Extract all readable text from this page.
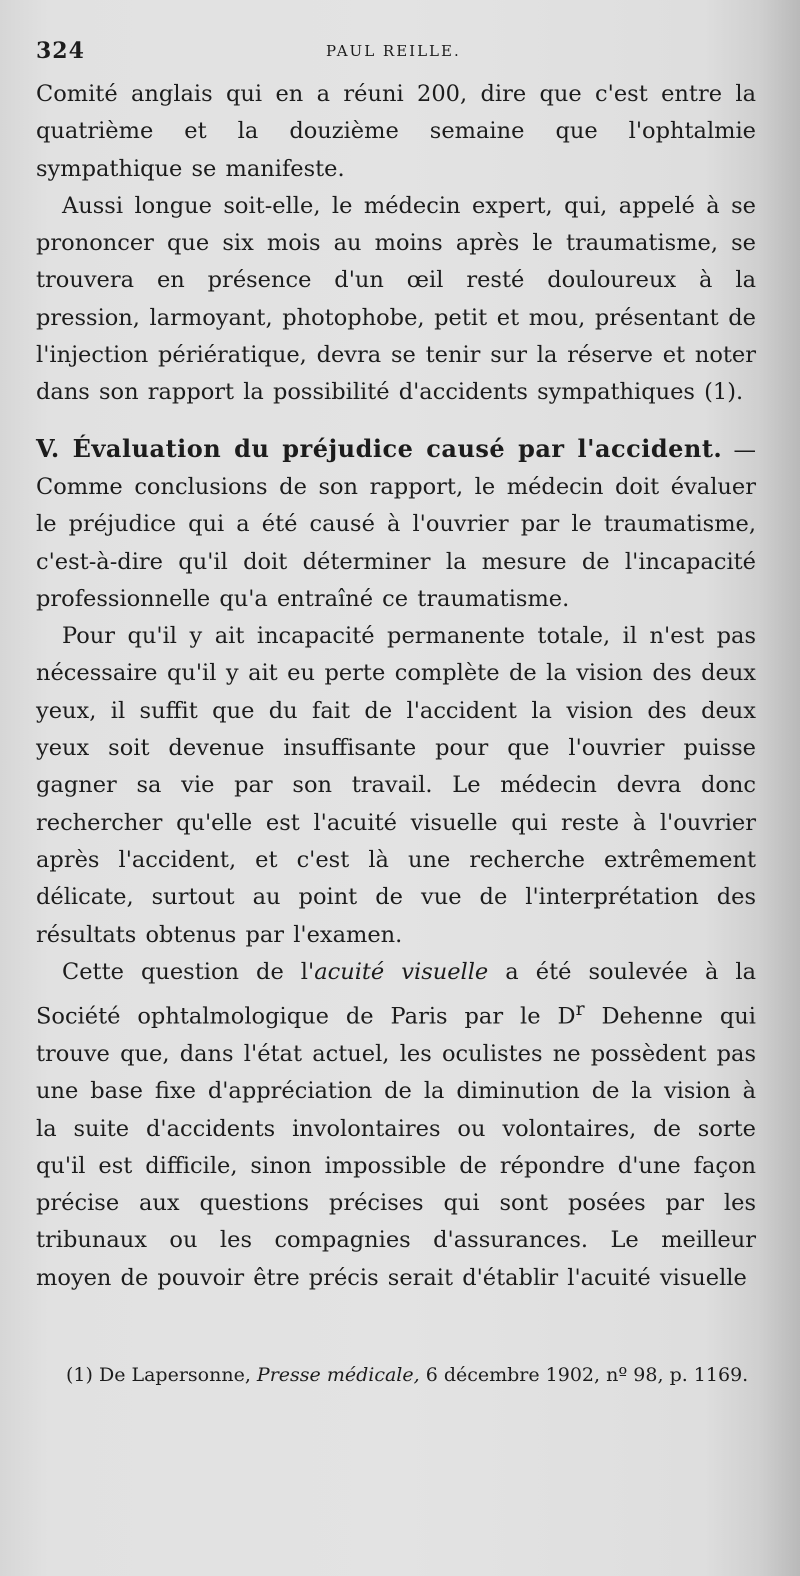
324	PAUL REILLE.

Comité anglais qui en a réuni 200, dire que c'est entre la quatrième et la douzième semaine que l'ophtalmie sympathique se manifeste.

Aussi longue soit-elle, le médecin expert, qui, appelé à se prononcer que six mois au moins après le traumatisme, se trouvera en présence d'un œil resté douloureux à la pression, larmoyant, photophobe, petit et mou, présentant de l'injection périératique, devra se tenir sur la réserve et noter dans son rapport la possibilité d'accidents sympathiques (1).

V. Évaluation du préjudice causé par l'accident. — Comme conclusions de son rapport, le médecin doit évaluer le préjudice qui a été causé à l'ouvrier par le traumatisme, c'est-à-dire qu'il doit déterminer la mesure de l'incapacité professionnelle qu'a entraîné ce traumatisme.

Pour qu'il y ait incapacité permanente totale, il n'est pas nécessaire qu'il y ait eu perte complète de la vision des deux yeux, il suffit que du fait de l'accident la vision des deux yeux soit devenue insuffisante pour que l'ouvrier puisse gagner sa vie par son travail. Le médecin devra donc rechercher qu'elle est l'acuité visuelle qui reste à l'ouvrier après l'accident, et c'est là une recherche extrêmement délicate, surtout au point de vue de l'interprétation des résultats obtenus par l'examen.

Cette question de l'acuité visuelle a été soulevée à la Société ophtalmologique de Paris par le $D^r$ Dehenne qui trouve que, dans l'état actuel, les oculistes ne possèdent pas une base fixe d'appréciation de la diminution de la vision à la suite d'accidents involontaires ou volontaires, de sorte qu'il est difficile, sinon impossible de répondre d'une façon précise aux questions précises qui sont posées par les tribunaux ou les compagnies d'assurances. Le meilleur moyen de pouvoir être précis serait d'établir l'acuité visuelle

(1) De Lapersonne, Presse médicale, 6 décembre 1902, nº 98, p. 1169.
